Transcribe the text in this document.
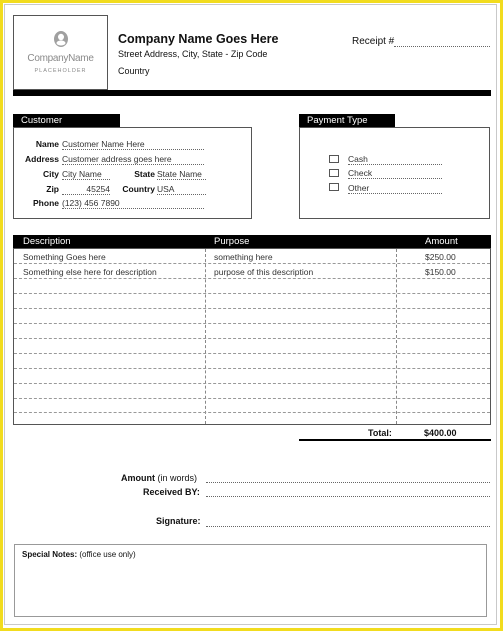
CompanyName
PLACEHOLDER
Company Name Goes Here
Street Address, City, State - Zip Code
Country
Receipt #
Customer
Name Customer Name Here
Address Customer address goes here
City City Name	State State Name
Zip	45254	Country USA
Phone (123) 456 7890
Payment Type
Cash
Check
Other
Description	Purpose	Amount
Something Goes here	something here	$250.00
Something else here for description	purpose of this description	$150.00
Total:	$400.00
Amount (in words)
Received BY:
Signature:
Special Notes: (office use only)
